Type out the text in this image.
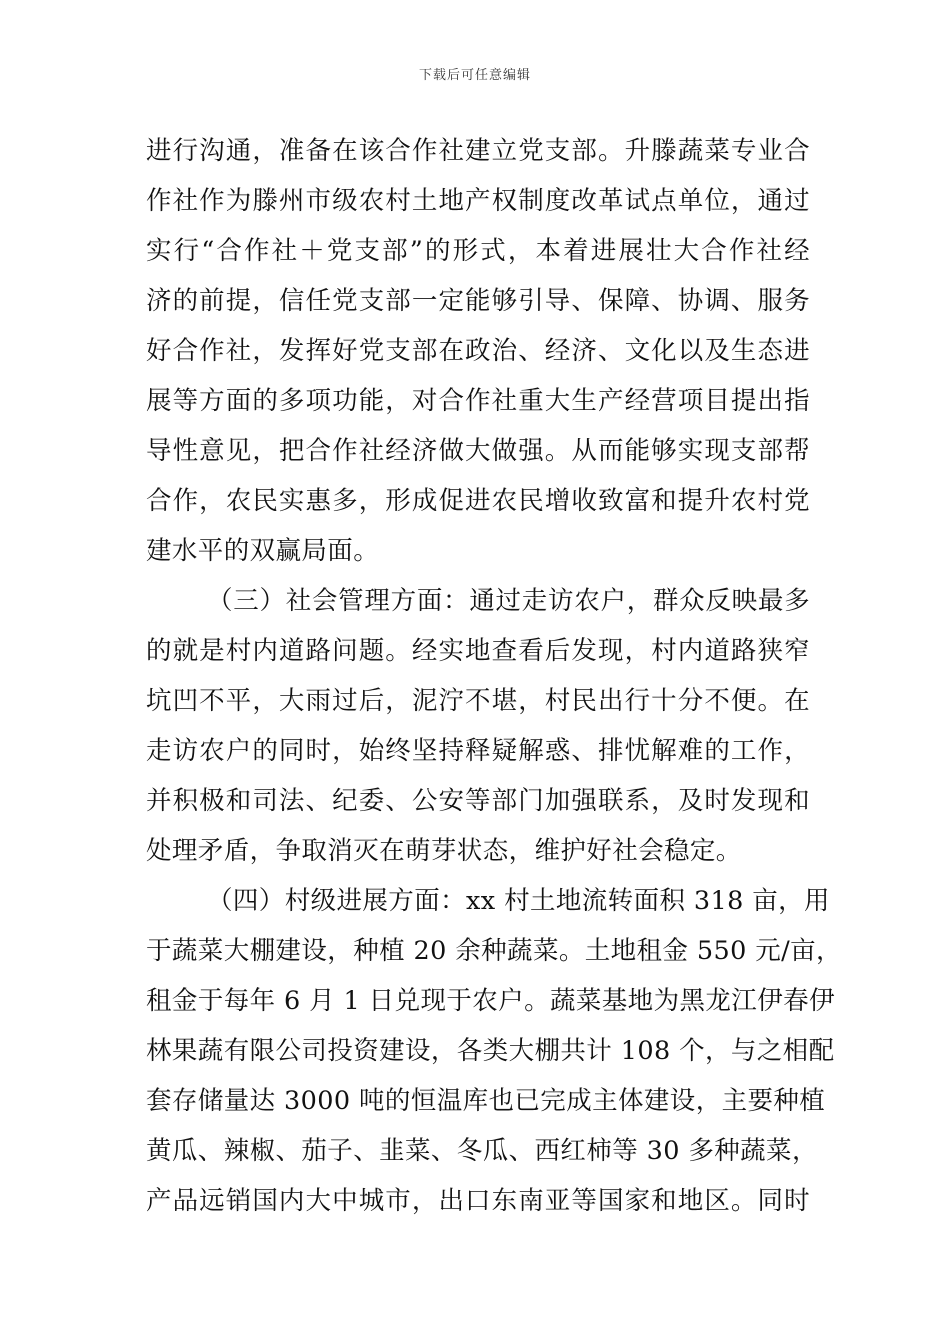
下载后可任意编辑
进行沟通，准备在该合作社建立党支部。升滕蔬菜专业合
作社作为滕州市级农村土地产权制度改革试点单位，通过
实行“合作社＋党支部”的形式，本着进展壮大合作社经
济的前提，信任党支部一定能够引导、保障、协调、服务
好合作社，发挥好党支部在政治、经济、文化以及生态进
展等方面的多项功能，对合作社重大生产经营项目提出指
导性意见，把合作社经济做大做强。从而能够实现支部帮
合作，农民实惠多，形成促进农民增收致富和提升农村党
建水平的双赢局面。
（三）社会管理方面：通过走访农户，群众反映最多
的就是村内道路问题。经实地查看后发现，村内道路狭窄
坑凹不平，大雨过后，泥泞不堪，村民出行十分不便。在
走访农户的同时，始终坚持释疑解惑、排忧解难的工作，
并积极和司法、纪委、公安等部门加强联系，及时发现和
处理矛盾，争取消灭在萌芽状态，维护好社会稳定。
（四）村级进展方面：xx 村土地流转面积 318 亩，用
于蔬菜大棚建设，种植 20 余种蔬菜。土地租金 550 元/亩，
租金于每年 6 月 1 日兑现于农户。蔬菜基地为黑龙江伊春伊
林果蔬有限公司投资建设，各类大棚共计 108 个，与之相配
套存储量达 3000 吨的恒温库也已完成主体建设，主要种植
黄瓜、辣椒、茄子、韭菜、冬瓜、西红柿等 30 多种蔬菜，
产品远销国内大中城市，出口东南亚等国家和地区。同时
